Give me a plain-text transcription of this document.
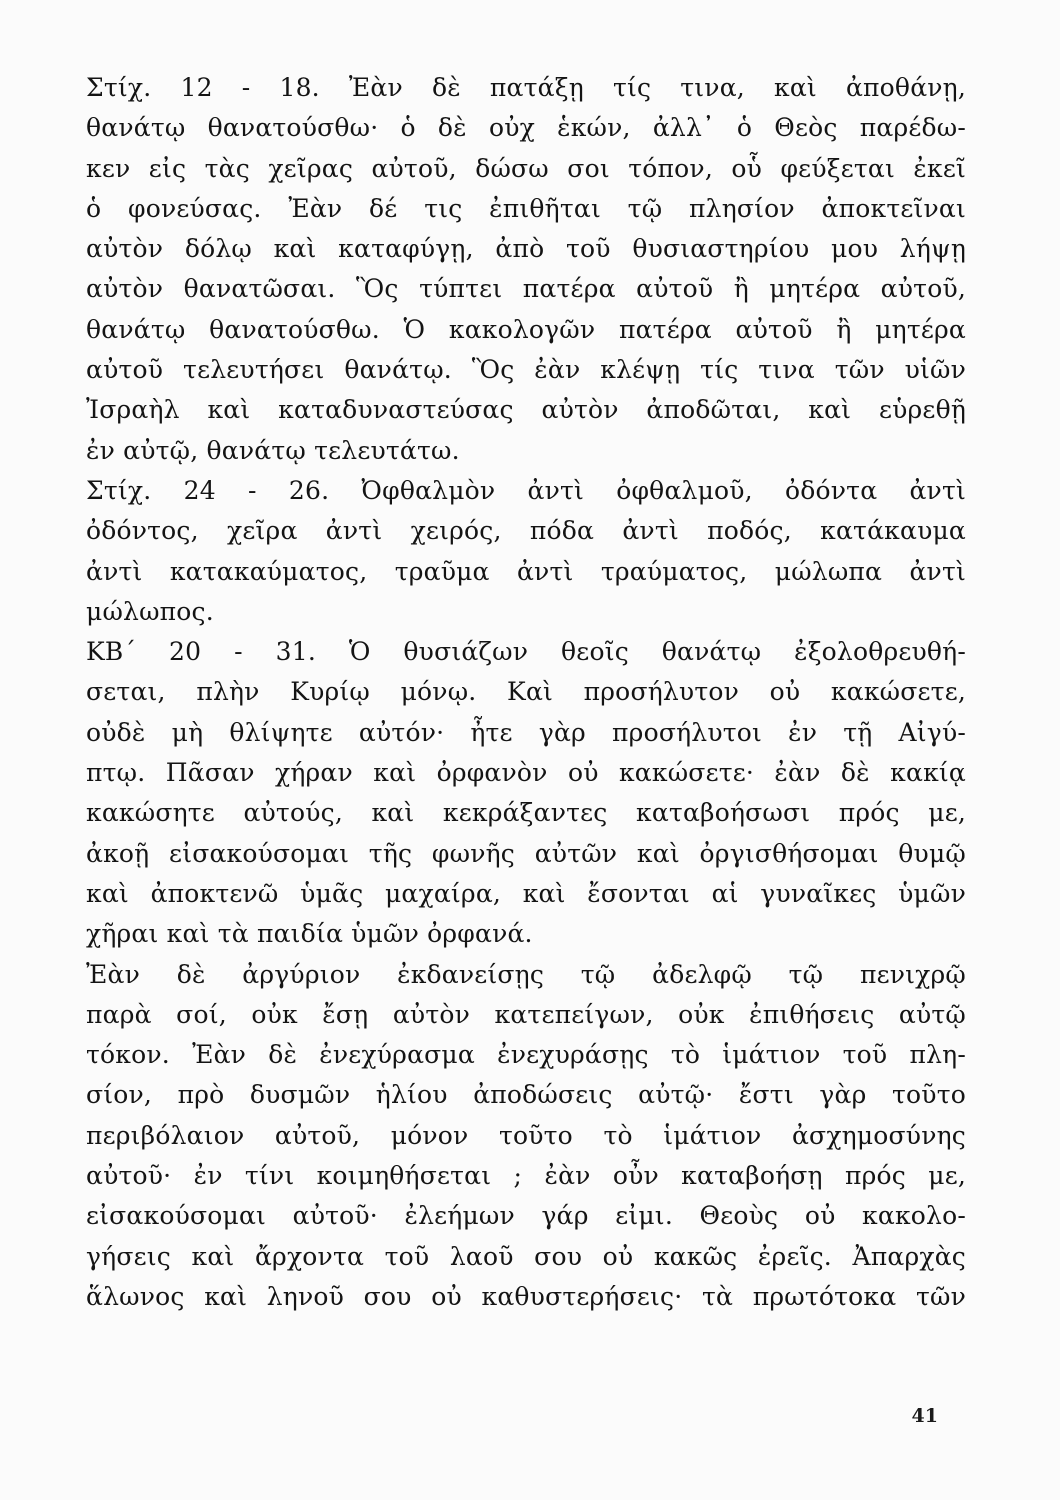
Στίχ. 12 - 18. Ἐὰν δὲ πατάξῃ τίς τινα, καὶ ἀποθάνῃ,
θανάτῳ θανατούσθω· ὁ δὲ οὐχ ἑκών, ἀλλ᾽ ὁ Θεὸς παρέδω-
κεν εἰς τὰς χεῖρας αὐτοῦ, δώσω σοι τόπον, οὗ φεύξεται ἐκεῖ
ὁ φονεύσας. Ἐὰν δέ τις ἐπιθῆται τῷ πλησίον ἀποκτεῖναι
αὐτὸν δόλῳ καὶ καταφύγῃ, ἀπὸ τοῦ θυσιαστηρίου μου λήψῃ
αὐτὸν θανατῶσαι. Ὃς τύπτει πατέρα αὐτοῦ ἢ μητέρα αὐτοῦ,
θανάτῳ θανατούσθω. Ὁ κακολογῶν πατέρα αὐτοῦ ἢ μητέρα
αὐτοῦ τελευτήσει θανάτῳ. Ὃς ἐὰν κλέψῃ τίς τινα τῶν υἱῶν
Ἰσραὴλ καὶ καταδυναστεύσας αὐτὸν ἀποδῶται, καὶ εὑρεθῇ
ἐν αὐτῷ, θανάτῳ τελευτάτω.
Στίχ. 24 - 26. Ὀφθαλμὸν ἀντὶ ὀφθαλμοῦ, ὀδόντα ἀντὶ
ὀδόντος, χεῖρα ἀντὶ χειρός, πόδα ἀντὶ ποδός, κατάκαυμα
ἀντὶ κατακαύματος, τραῦμα ἀντὶ τραύματος, μώλωπα ἀντὶ
μώλωπος.
ΚΒ´ 20 - 31. Ὁ θυσιάζων θεοῖς θανάτῳ ἐξολοθρευθή-
σεται, πλὴν Κυρίῳ μόνῳ. Καὶ προσήλυτον οὐ κακώσετε,
οὐδὲ μὴ θλίψητε αὐτόν· ἦτε γὰρ προσήλυτοι ἐν τῇ Αἰγύ-
πτῳ. Πᾶσαν χήραν καὶ ὀρφανὸν οὐ κακώσετε· ἐὰν δὲ κακίᾳ
κακώσητε αὐτούς, καὶ κεκράξαντες καταβοήσωσι πρός με,
ἀκοῇ εἰσακούσομαι τῆς φωνῆς αὐτῶν καὶ ὀργισθήσομαι θυμῷ
καὶ ἀποκτενῶ ὑμᾶς μαχαίρα, καὶ ἔσονται αἱ γυναῖκες ὑμῶν
χῆραι καὶ τὰ παιδία ὑμῶν ὀρφανά.
Ἐὰν δὲ ἀργύριον ἐκδανείσῃς τῷ ἀδελφῷ τῷ πενιχρῷ
παρὰ σοί, οὐκ ἔσῃ αὐτὸν κατεπείγων, οὐκ ἐπιθήσεις αὐτῷ
τόκον. Ἐὰν δὲ ἐνεχύρασμα ἐνεχυράσῃς τὸ ἱμάτιον τοῦ πλη-
σίον, πρὸ δυσμῶν ἡλίου ἀποδώσεις αὐτῷ· ἔστι γὰρ τοῦτο
περιβόλαιον αὐτοῦ, μόνον τοῦτο τὸ ἱμάτιον ἀσχημοσύνης
αὐτοῦ· ἐν τίνι κοιμηθήσεται ; ἐὰν οὖν καταβοήσῃ πρός με,
εἰσακούσομαι αὐτοῦ· ἐλεήμων γάρ εἰμι. Θεοὺς οὐ κακολο-
γήσεις καὶ ἄρχοντα τοῦ λαοῦ σου οὐ κακῶς ἐρεῖς. Ἀπαρχὰς
ἅλωνος καὶ ληνοῦ σου οὐ καθυστερήσεις· τὰ πρωτότοκα τῶν
41
